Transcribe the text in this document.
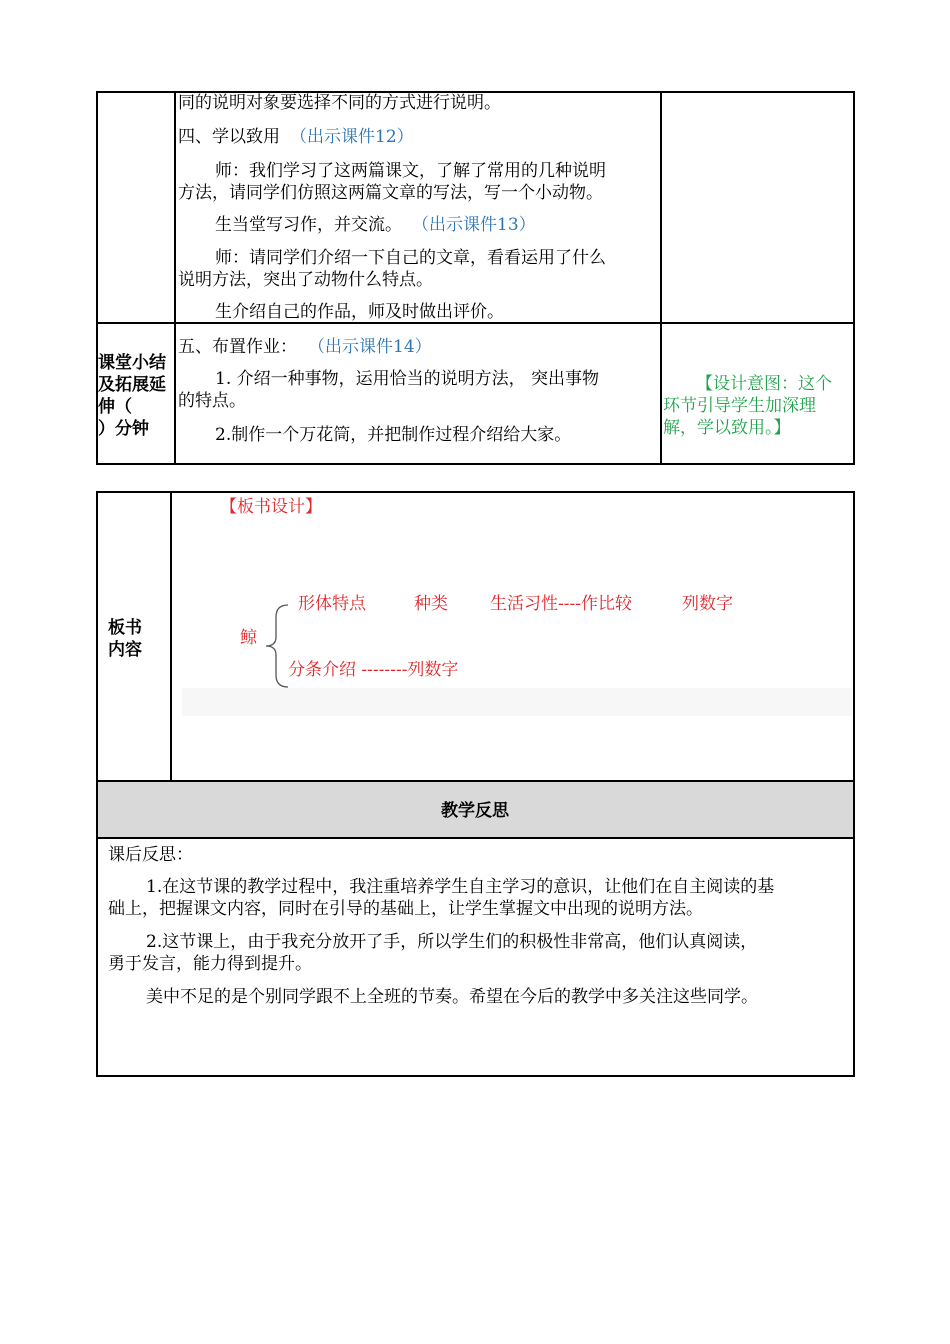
同的说明对象要选择不同的方式进行说明。
四、学以致用 （出示课件12）
师：我们学习了这两篇课文，了解了常用的几种说明
方法，请同学们仿照这两篇文章的写法，写一个小动物。
生当堂写习作，并交流。 （出示课件13）
师：请同学们介绍一下自己的文章，看看运用了什么
说明方法，突出了动物什么特点。
生介绍自己的作品，师及时做出评价。
课堂小结
及拓展延
伸（
）分钟
五、布置作业： （出示课件14）
1. 介绍一种事物，运用恰当的说明方法， 突出事物
的特点。
2.制作一个万花筒，并把制作过程介绍给大家。
【设计意图：这个
环节引导学生加深理
解，学以致用。】
板书
内容
【板书设计】
鲸
形体特点	种类 生活习性----作比较	列数字
分条介绍 --------列数字
教学反思
课后反思：
1.在这节课的教学过程中，我注重培养学生自主学习的意识，让他们在自主阅读的基
础上，把握课文内容，同时在引导的基础上，让学生掌握文中出现的说明方法。
2.这节课上，由于我充分放开了手，所以学生们的积极性非常高，他们认真阅读，
勇于发言，能力得到提升。
美中不足的是个别同学跟不上全班的节奏。希望在今后的教学中多关注这些同学。
